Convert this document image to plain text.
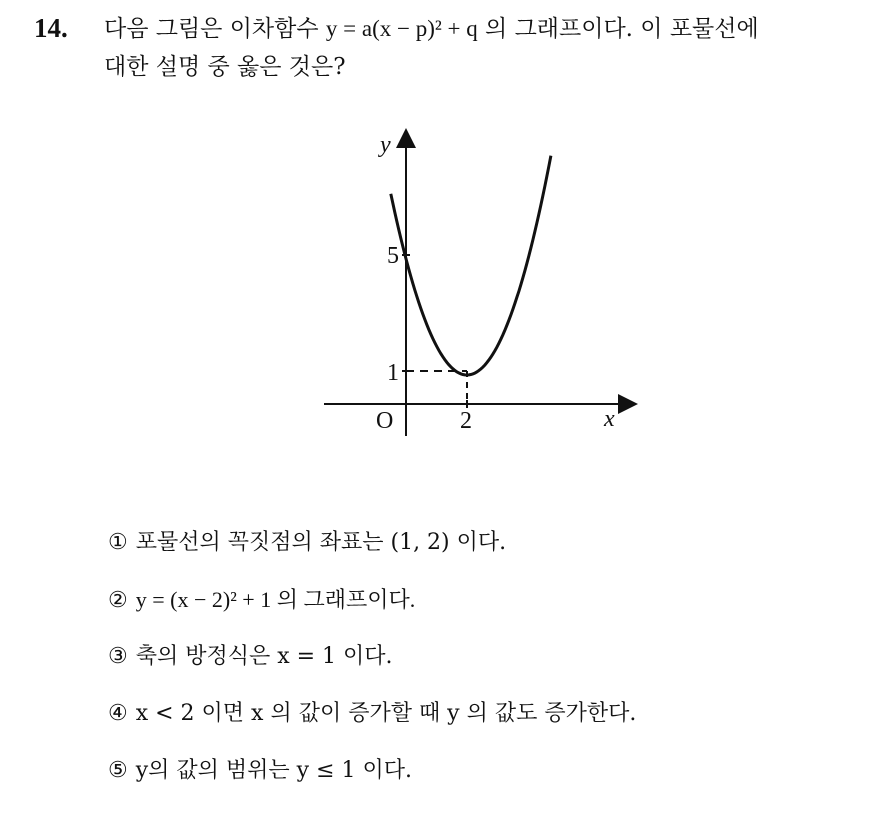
14. 다음 그림은 이차함수 y = a(x − p)² + q 의 그래프이다. 이 포물선에
대한 설명 중 옳은 것은?
y
x
O
5
1
2
① 포물선의 꼭짓점의 좌표는 (1, 2) 이다.
② y = (x − 2)² + 1 의 그래프이다.
③ 축의 방정식은 x = 1 이다.
④ x < 2 이면 x 의 값이 증가할 때 y 의 값도 증가한다.
⑤ y의 값의 범위는 y ≤ 1 이다.
